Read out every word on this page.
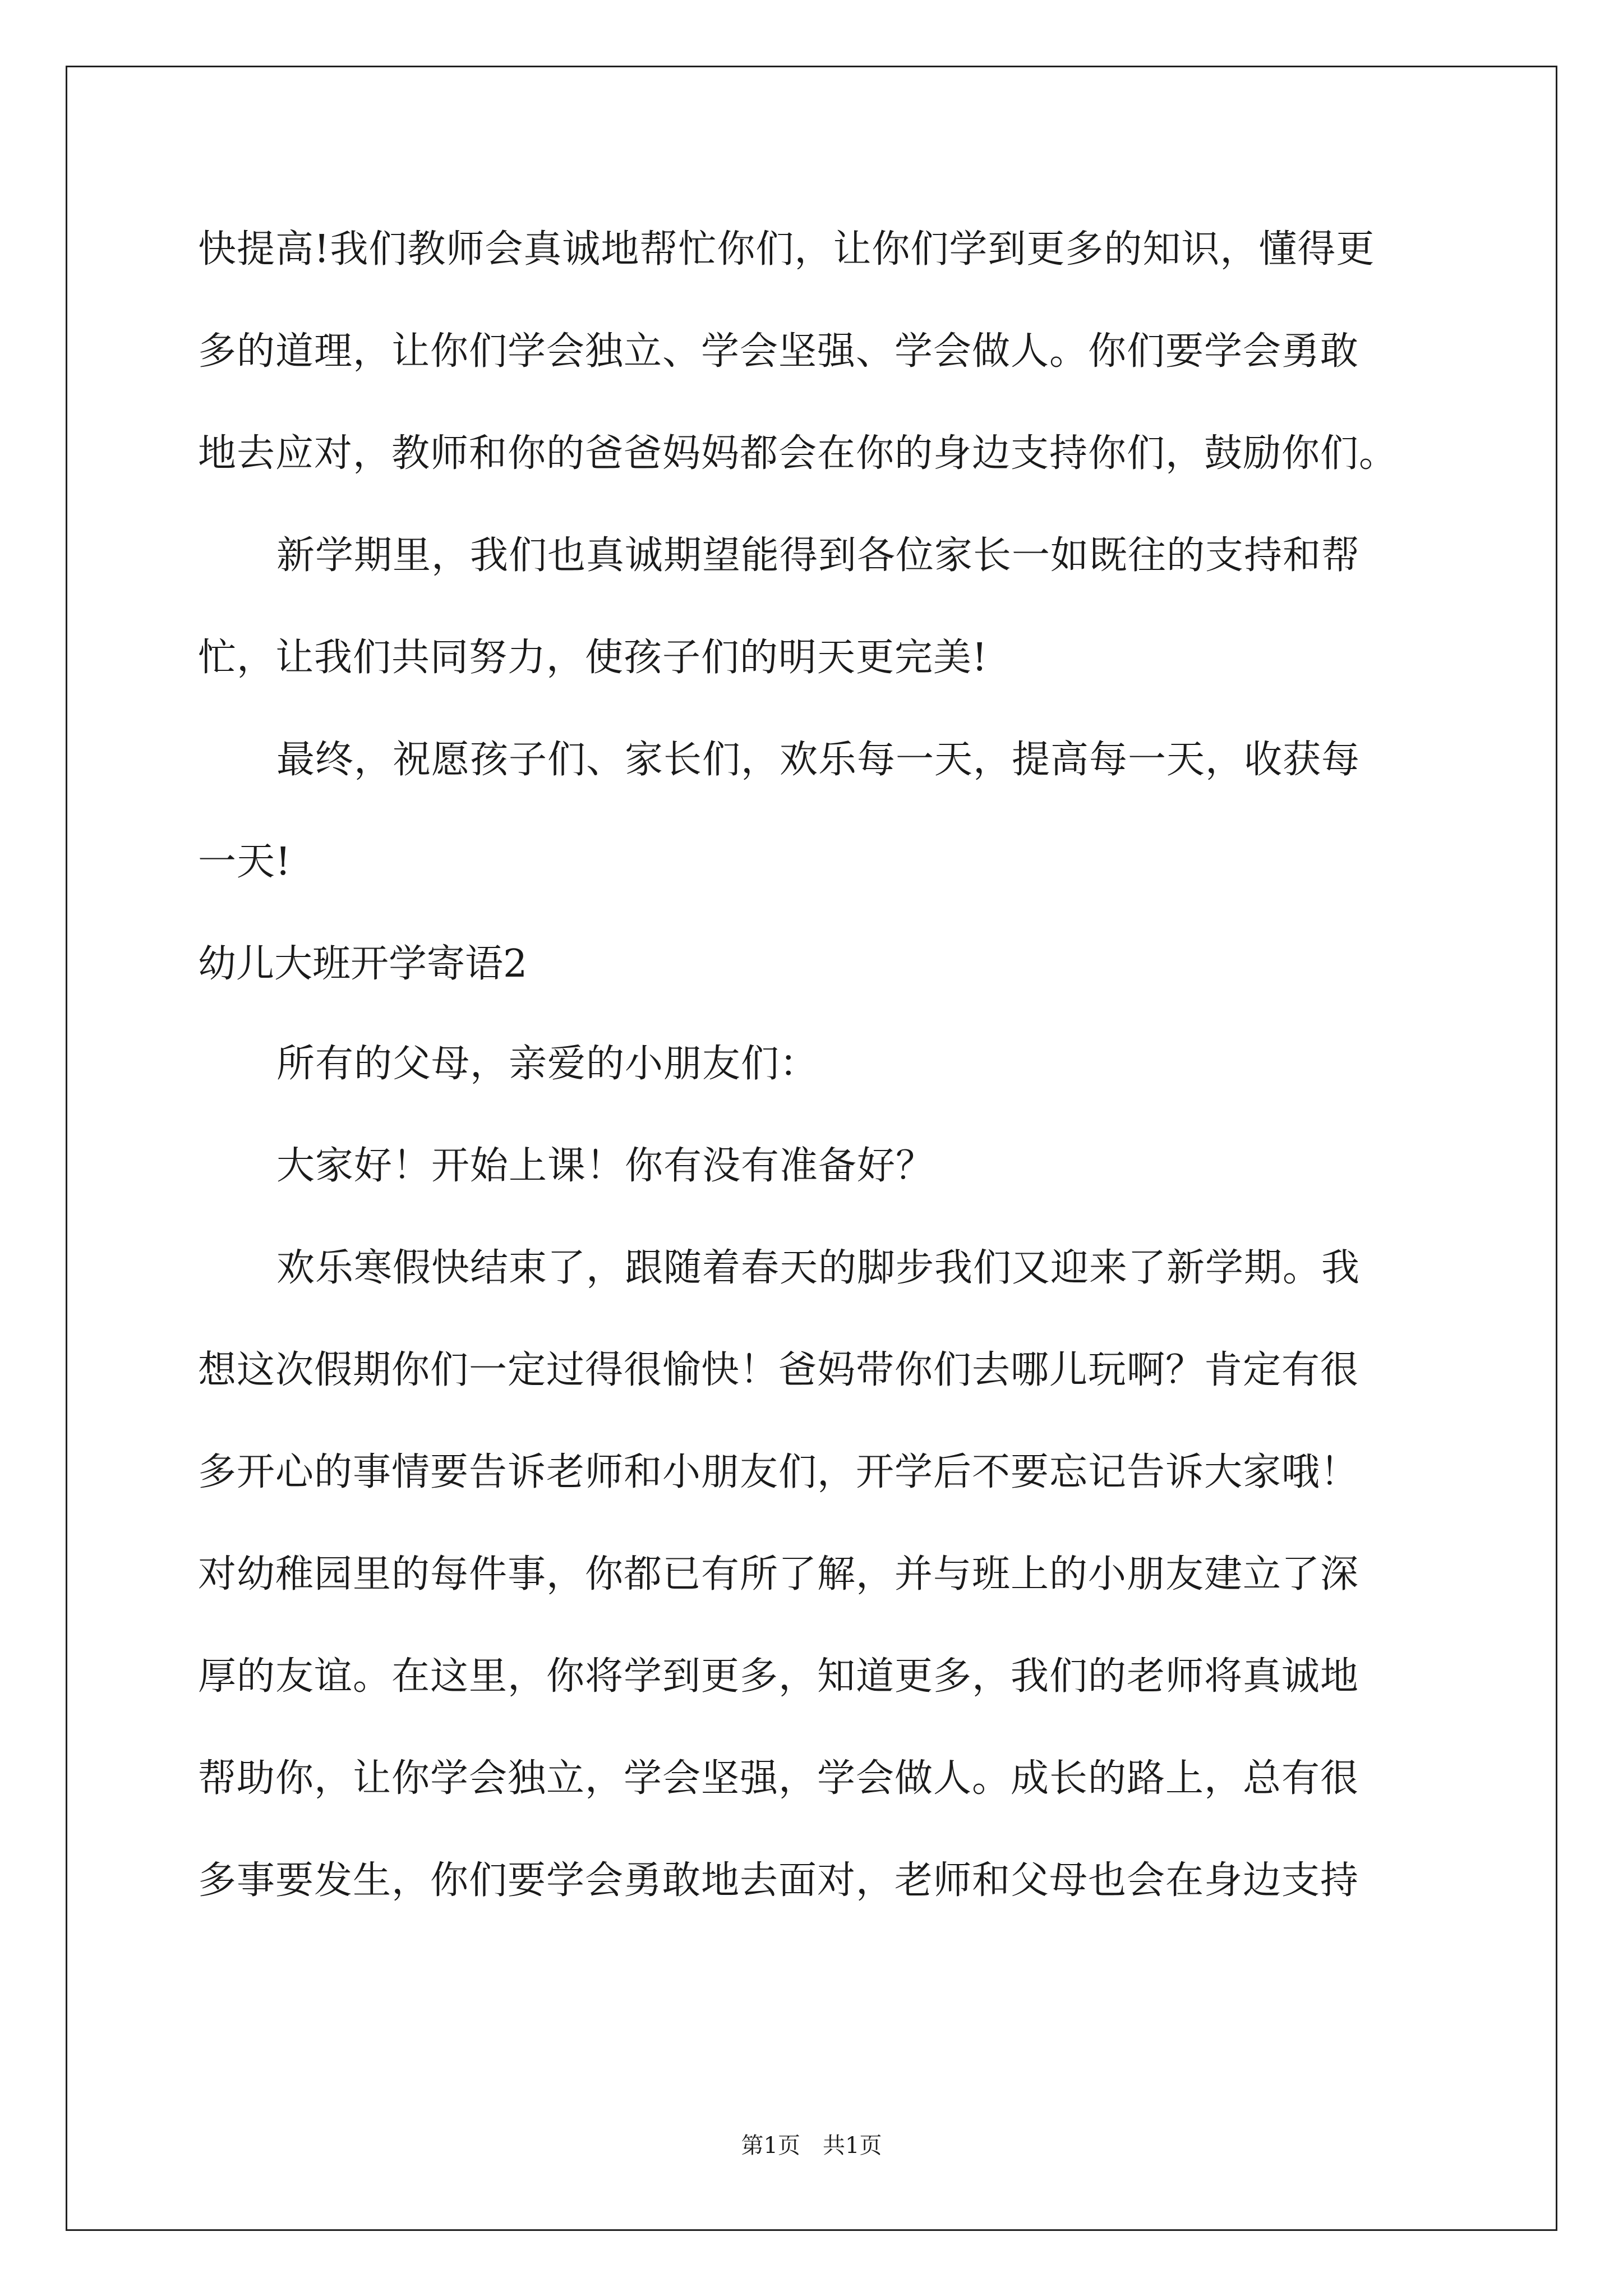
快提高!我们教师会真诚地帮忙你们，让你们学到更多的知识，懂得更
多的道理，让你们学会独立、学会坚强、学会做人。你们要学会勇敢
地去应对，教师和你的爸爸妈妈都会在你的身边支持你们，鼓励你们。
新学期里，我们也真诚期望能得到各位家长一如既往的支持和帮
忙，让我们共同努力，使孩子们的明天更完美!
最终，祝愿孩子们、家长们，欢乐每一天，提高每一天，收获每
一天!
幼儿大班开学寄语2
所有的父母，亲爱的小朋友们：
大家好！开始上课！你有没有准备好？
欢乐寒假快结束了，跟随着春天的脚步我们又迎来了新学期。我
想这次假期你们一定过得很愉快！爸妈带你们去哪儿玩啊？肯定有很
多开心的事情要告诉老师和小朋友们，开学后不要忘记告诉大家哦！
对幼稚园里的每件事，你都已有所了解，并与班上的小朋友建立了深
厚的友谊。在这里，你将学到更多，知道更多，我们的老师将真诚地
帮助你，让你学会独立，学会坚强，学会做人。成长的路上，总有很
多事要发生，你们要学会勇敢地去面对，老师和父母也会在身边支持
第1页 共1页
